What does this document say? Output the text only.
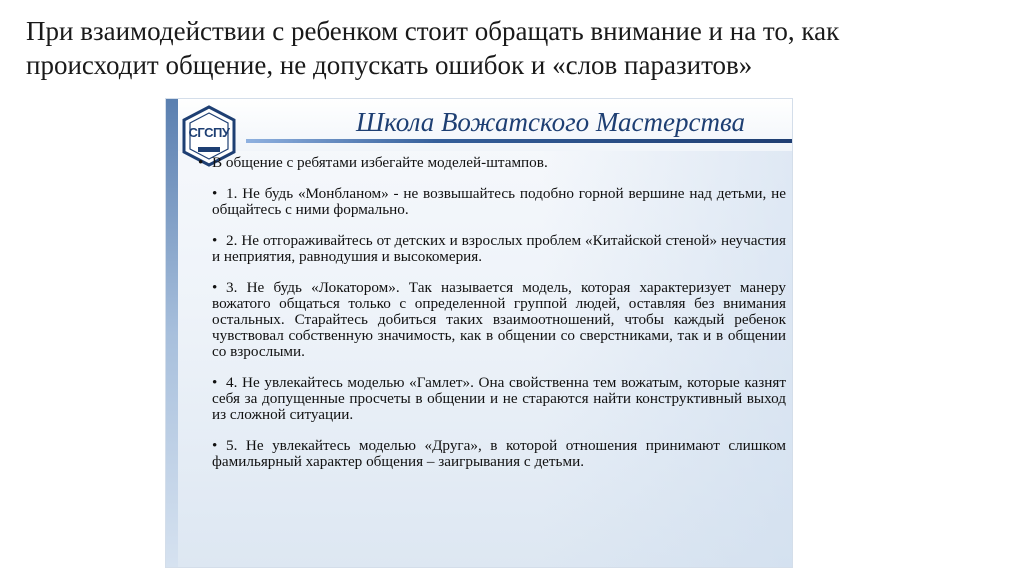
При взаимодействии с ребенком стоит обращать внимание и на то, как
происходит общение, не допускать ошибок и «слов паразитов»
СГСПУ	Школа Вожатского Мастерства

• В общение с ребятами избегайте моделей-штампов.

• 1. Не будь «Монбланом» - не возвышайтесь подобно горной вершине над детьми, не общайтесь с ними формально.

• 2. Не отгораживайтесь от детских и взрослых проблем «Китайской стеной» неучастия и неприятия, равнодушия и высокомерия.

• 3. Не будь «Локатором». Так называется модель, которая характеризует манеру вожатого общаться только с определенной группой людей, оставляя без внимания остальных. Старайтесь добиться таких взаимоотношений, чтобы каждый ребенок чувствовал собственную значимость, как в общении со сверстниками, так и в общении со взрослыми.

• 4. Не увлекайтесь моделью «Гамлет». Она свойственна тем вожатым, которые казнят себя за допущенные просчеты в общении и не стараются найти конструктивный выход из сложной ситуации.

• 5. Не увлекайтесь моделью «Друга», в которой отношения принимают слишком фамильярный характер общения – заигрывания с детьми.
